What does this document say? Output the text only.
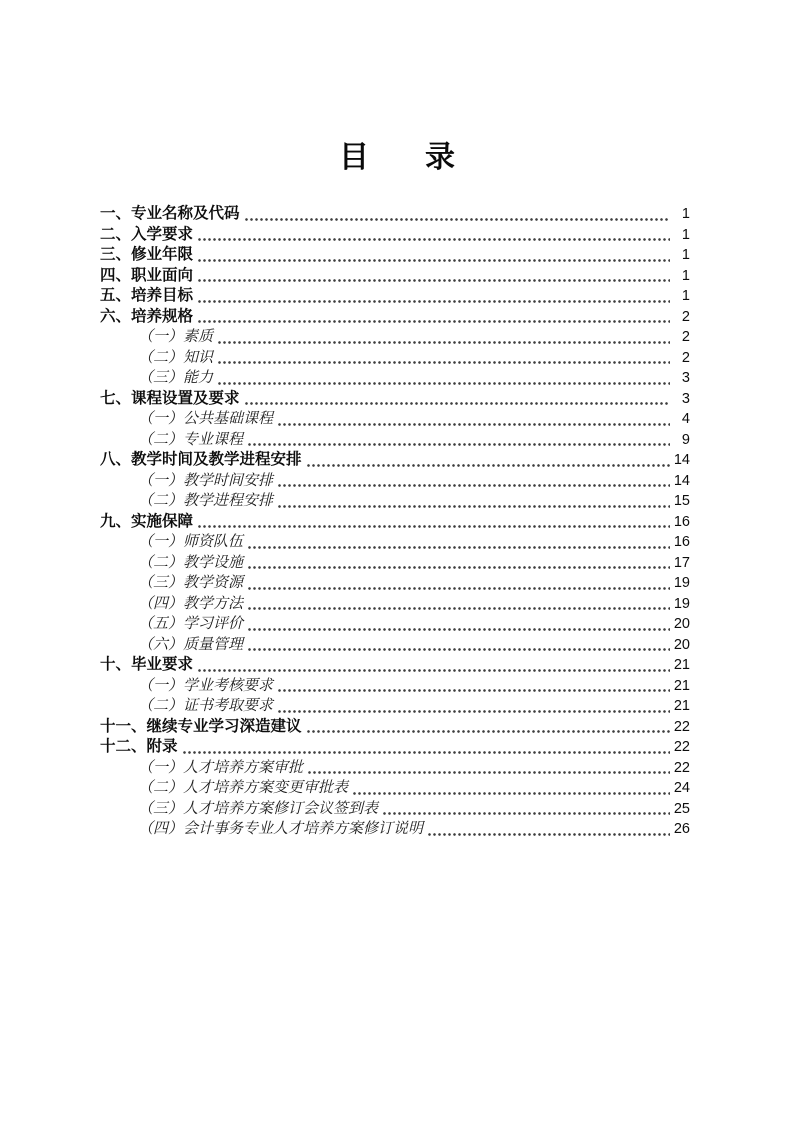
目 录
一、专业名称及代码	1
二、入学要求	1
三、修业年限	1
四、职业面向	1
五、培养目标	1
六、培养规格	2
（一）素质	2
（二）知识	2
（三）能力	3
七、课程设置及要求	3
（一）公共基础课程	4
（二）专业课程	9
八、教学时间及教学进程安排	14
（一）教学时间安排	14
（二）教学进程安排	15
九、实施保障	16
（一）师资队伍	16
（二）教学设施	17
（三）教学资源	19
（四）教学方法	19
（五）学习评价	20
（六）质量管理	20
十、毕业要求	21
（一）学业考核要求	21
（二）证书考取要求	21
十一、继续专业学习深造建议	22
十二、附录	22
（一）人才培养方案审批	22
（二）人才培养方案变更审批表	24
（三）人才培养方案修订会议签到表	25
（四）会计事务专业人才培养方案修订说明	26
